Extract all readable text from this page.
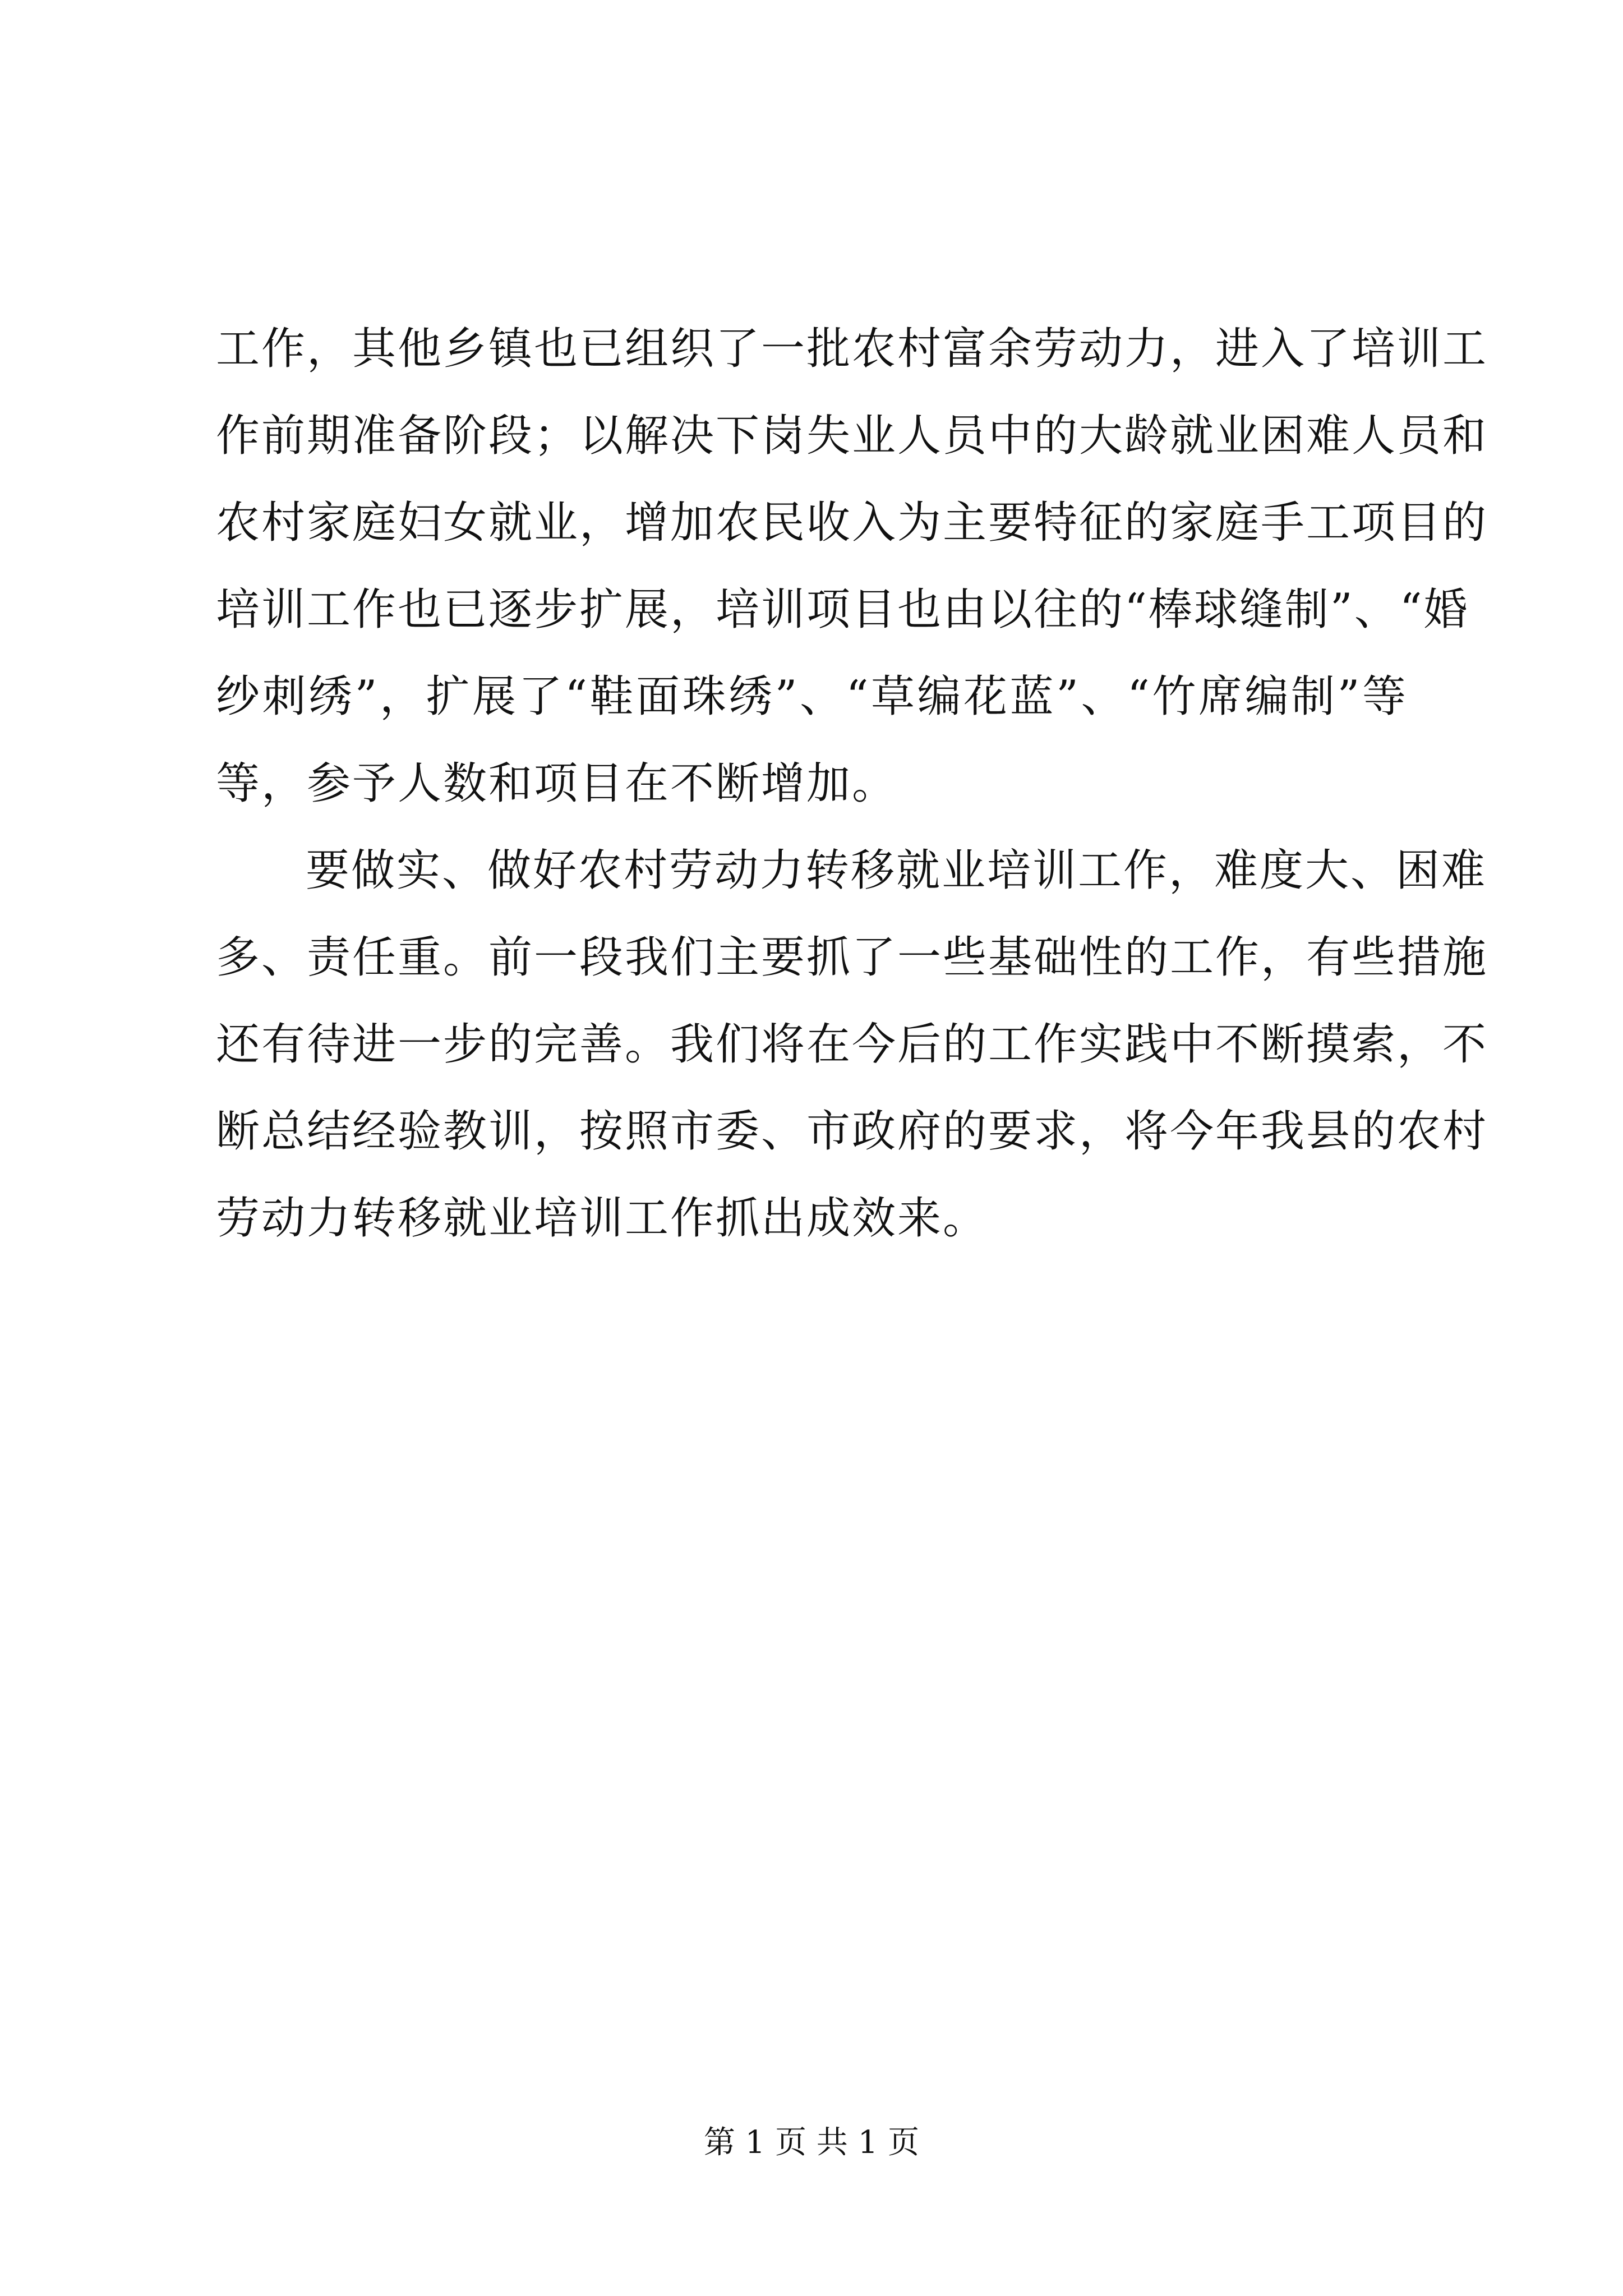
工作，其他乡镇也已组织了一批农村富余劳动力，进入了培训工
作前期准备阶段；以解决下岗失业人员中的大龄就业困难人员和
农村家庭妇女就业，增加农民收入为主要特征的家庭手工项目的
培训工作也已逐步扩展，培训项目也由以往的“棒球缝制”、“婚
纱刺绣”，扩展了“鞋面珠绣”、“草编花蓝”、“竹席编制”等
等，参予人数和项目在不断增加。
要做实、做好农村劳动力转移就业培训工作，难度大、困难
多、责任重。前一段我们主要抓了一些基础性的工作，有些措施
还有待进一步的完善。我们将在今后的工作实践中不断摸索，不
断总结经验教训，按照市委、市政府的要求，将今年我县的农村
劳动力转移就业培训工作抓出成效来。
第 1 页 共 1 页
